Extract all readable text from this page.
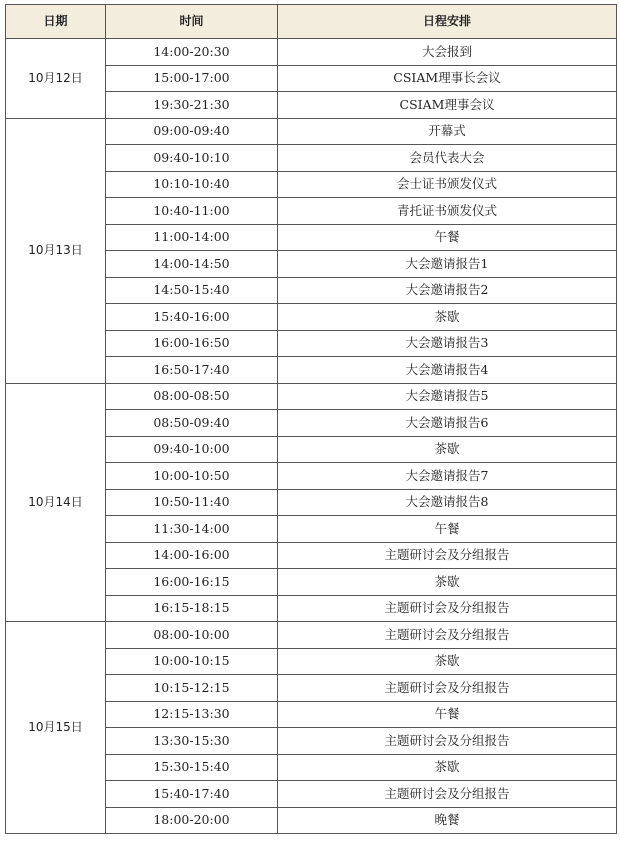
日期	时间	日程安排
10月12日	14:00-20:30	大会报到
	15:00-17:00	CSIAM理事长会议
	19:30-21:30	CSIAM理事会议
10月13日	09:00-09:40	开幕式
	09:40-10:10	会员代表大会
	10:10-10:40	会士证书颁发仪式
	10:40-11:00	青托证书颁发仪式
	11:00-14:00	午餐
	14:00-14:50	大会邀请报告1
	14:50-15:40	大会邀请报告2
	15:40-16:00	茶歇
	16:00-16:50	大会邀请报告3
	16:50-17:40	大会邀请报告4
10月14日	08:00-08:50	大会邀请报告5
	08:50-09:40	大会邀请报告6
	09:40-10:00	茶歇
	10:00-10:50	大会邀请报告7
	10:50-11:40	大会邀请报告8
	11:30-14:00	午餐
	14:00-16:00	主题研讨会及分组报告
	16:00-16:15	茶歇
	16:15-18:15	主题研讨会及分组报告
10月15日	08:00-10:00	主题研讨会及分组报告
	10:00-10:15	茶歇
	10:15-12:15	主题研讨会及分组报告
	12:15-13:30	午餐
	13:30-15:30	主题研讨会及分组报告
	15:30-15:40	茶歇
	15:40-17:40	主题研讨会及分组报告
	18:00-20:00	晚餐
